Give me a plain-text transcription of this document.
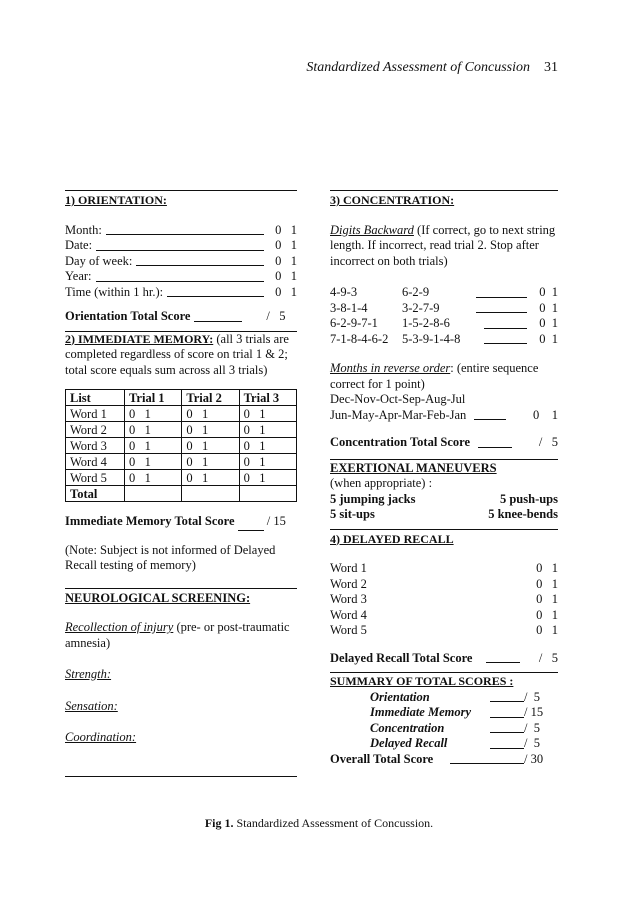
Standardized Assessment of Concussion 31
1) ORIENTATION:
Month:	0   1
Date:	0   1
Day of week:	0   1
Year:	0   1
Time (within 1 hr.):	0   1
Orientation Total Score	/   5
2) IMMEDIATE MEMORY: (all 3 trials are completed regardless of score on trial 1 & 2; total score equals sum across all 3 trials)
List	Trial 1	Trial 2	Trial 3
Word 1	0   1	0   1	0   1
Word 2	0   1	0   1	0   1
Word 3	0   1	0   1	0   1
Word 4	0   1	0   1	0   1
Word 5	0   1	0   1	0   1
Total			
Immediate Memory Total Score	/ 15
(Note: Subject is not informed of Delayed Recall testing of memory)
NEUROLOGICAL SCREENING:
Recollection of injury (pre- or post-traumatic amnesia)
Strength:
Sensation:
Coordination:
3) CONCENTRATION:
Digits Backward (If correct, go to next string length. If incorrect, read trial 2. Stop after incorrect on both trials)
4-9-3	6-2-9	0  1
3-8-1-4	3-2-7-9	0  1
6-2-9-7-1	1-5-2-8-6	0  1
7-1-8-4-6-2	5-3-9-1-4-8	0  1
Months in reverse order: (entire sequence correct for 1 point)
Dec-Nov-Oct-Sep-Aug-Jul
Jun-May-Apr-Mar-Feb-Jan	0    1
Concentration Total Score	/   5
EXERTIONAL MANEUVERS
(when appropriate) :
5 jumping jacks	5 push-ups
5 sit-ups	5 knee-bends
4) DELAYED RECALL
Word 1	0   1
Word 2	0   1
Word 3	0   1
Word 4	0   1
Word 5	0   1
Delayed Recall Total Score	/   5
SUMMARY OF TOTAL SCORES :
Orientation	/  5
Immediate Memory	/ 15
Concentration	/  5
Delayed Recall	/  5
Overall Total Score	/ 30
Fig 1. Standardized Assessment of Concussion.
